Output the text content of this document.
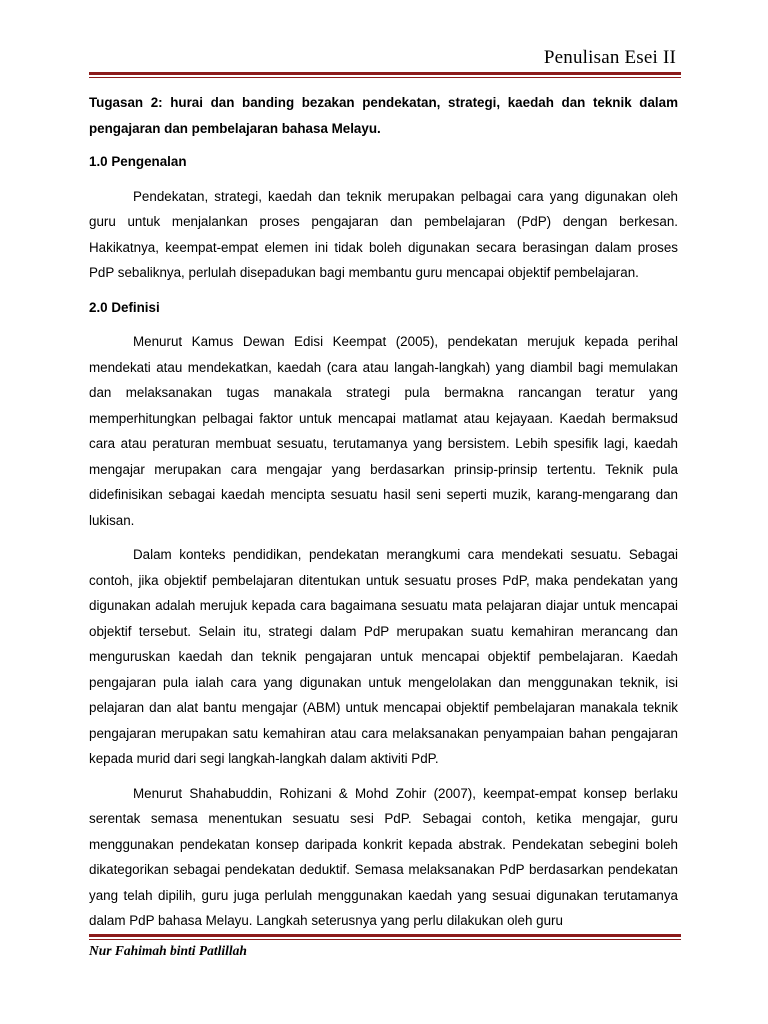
Penulisan Esei II

Tugasan 2: hurai dan banding bezakan pendekatan, strategi, kaedah dan teknik dalam pengajaran dan pembelajaran bahasa Melayu.

1.0 Pengenalan

Pendekatan, strategi, kaedah dan teknik merupakan pelbagai cara yang digunakan oleh guru untuk menjalankan proses pengajaran dan pembelajaran (PdP) dengan berkesan. Hakikatnya, keempat-empat elemen ini tidak boleh digunakan secara berasingan dalam proses PdP sebaliknya, perlulah disepadukan bagi membantu guru mencapai objektif pembelajaran.

2.0 Definisi

Menurut Kamus Dewan Edisi Keempat (2005), pendekatan merujuk kepada perihal mendekati atau mendekatkan, kaedah (cara atau langah-langkah) yang diambil bagi memulakan dan melaksanakan tugas manakala strategi pula bermakna rancangan teratur yang memperhitungkan pelbagai faktor untuk mencapai matlamat atau kejayaan. Kaedah bermaksud cara atau peraturan membuat sesuatu, terutamanya yang bersistem. Lebih spesifik lagi, kaedah mengajar merupakan cara mengajar yang berdasarkan prinsip-prinsip tertentu. Teknik pula didefinisikan sebagai kaedah mencipta sesuatu hasil seni seperti muzik, karang-mengarang dan lukisan.

Dalam konteks pendidikan, pendekatan merangkumi cara mendekati sesuatu. Sebagai contoh, jika objektif pembelajaran ditentukan untuk sesuatu proses PdP, maka pendekatan yang digunakan adalah merujuk kepada cara bagaimana sesuatu mata pelajaran diajar untuk mencapai objektif tersebut. Selain itu, strategi dalam PdP merupakan suatu kemahiran merancang dan menguruskan kaedah dan teknik pengajaran untuk mencapai objektif pembelajaran. Kaedah pengajaran pula ialah cara yang digunakan untuk mengelolakan dan menggunakan teknik, isi pelajaran dan alat bantu mengajar (ABM) untuk mencapai objektif pembelajaran manakala teknik pengajaran merupakan satu kemahiran atau cara melaksanakan penyampaian bahan pengajaran kepada murid dari segi langkah-langkah dalam aktiviti PdP.

Menurut Shahabuddin, Rohizani & Mohd Zohir (2007), keempat-empat konsep berlaku serentak semasa menentukan sesuatu sesi PdP. Sebagai contoh, ketika mengajar, guru menggunakan pendekatan konsep daripada konkrit kepada abstrak. Pendekatan sebegini boleh dikategorikan sebagai pendekatan deduktif. Semasa melaksanakan PdP berdasarkan pendekatan yang telah dipilih, guru juga perlulah menggunakan kaedah yang sesuai digunakan terutamanya dalam PdP bahasa Melayu. Langkah seterusnya yang perlu dilakukan oleh guru

Nur Fahimah binti Patlillah
